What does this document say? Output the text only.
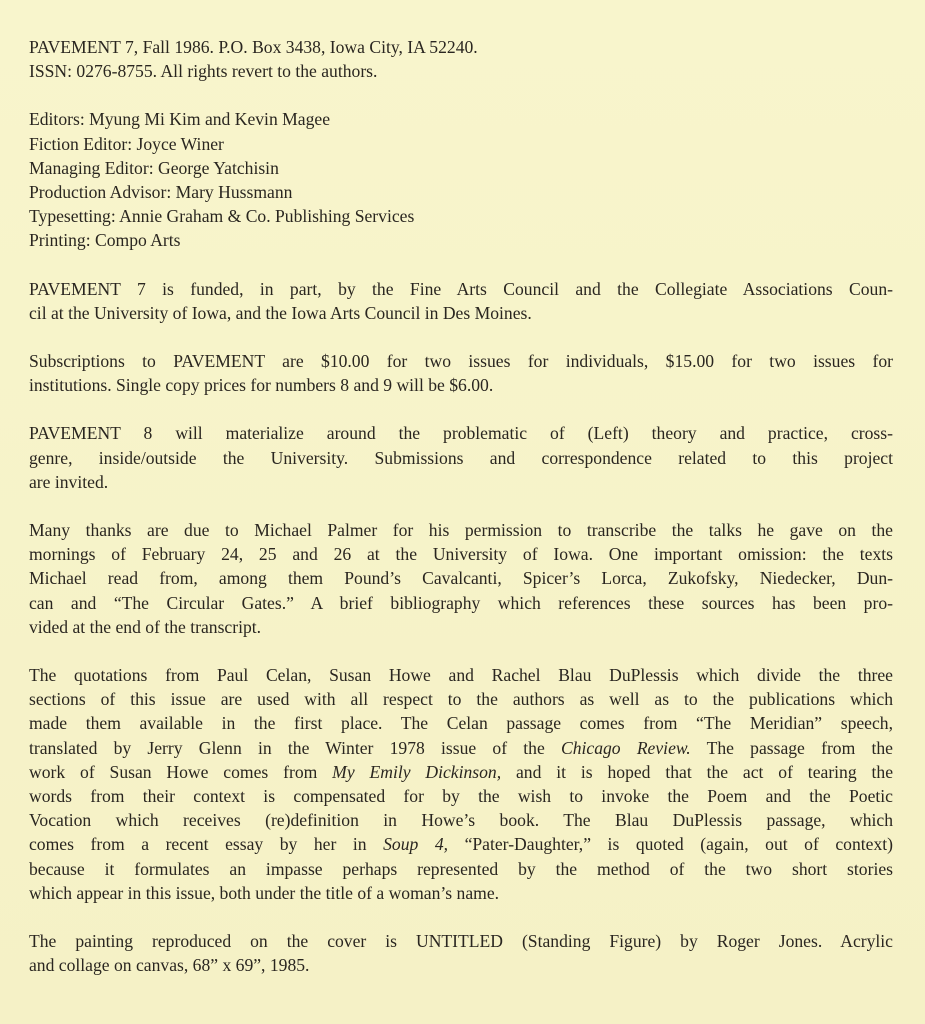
PAVEMENT 7, Fall 1986. P.O. Box 3438, Iowa City, IA 52240.
ISSN: 0276-8755. All rights revert to the authors.
Editors: Myung Mi Kim and Kevin Magee
Fiction Editor: Joyce Winer
Managing Editor: George Yatchisin
Production Advisor: Mary Hussmann
Typesetting: Annie Graham & Co. Publishing Services
Printing: Compo Arts
PAVEMENT 7 is funded, in part, by the Fine Arts Council and the Collegiate Associations Coun-
cil at the University of Iowa, and the Iowa Arts Council in Des Moines.
Subscriptions to PAVEMENT are $10.00 for two issues for individuals, $15.00 for two issues for
institutions. Single copy prices for numbers 8 and 9 will be $6.00.
PAVEMENT 8 will materialize around the problematic of (Left) theory and practice, cross-
genre, inside/outside the University. Submissions and correspondence related to this project
are invited.
Many thanks are due to Michael Palmer for his permission to transcribe the talks he gave on the
mornings of February 24, 25 and 26 at the University of Iowa. One important omission: the texts
Michael read from, among them Pound’s Cavalcanti, Spicer’s Lorca, Zukofsky, Niedecker, Dun-
can and “The Circular Gates.” A brief bibliography which references these sources has been pro-
vided at the end of the transcript.
The quotations from Paul Celan, Susan Howe and Rachel Blau DuPlessis which divide the three
sections of this issue are used with all respect to the authors as well as to the publications which
made them available in the first place. The Celan passage comes from “The Meridian” speech,
translated by Jerry Glenn in the Winter 1978 issue of the Chicago Review. The passage from the
work of Susan Howe comes from My Emily Dickinson, and it is hoped that the act of tearing the
words from their context is compensated for by the wish to invoke the Poem and the Poetic
Vocation which receives (re)definition in Howe’s book. The Blau DuPlessis passage, which
comes from a recent essay by her in Soup 4, “Pater-Daughter,” is quoted (again, out of context)
because it formulates an impasse perhaps represented by the method of the two short stories
which appear in this issue, both under the title of a woman’s name.
The painting reproduced on the cover is UNTITLED (Standing Figure) by Roger Jones. Acrylic
and collage on canvas, 68” x 69”, 1985.
